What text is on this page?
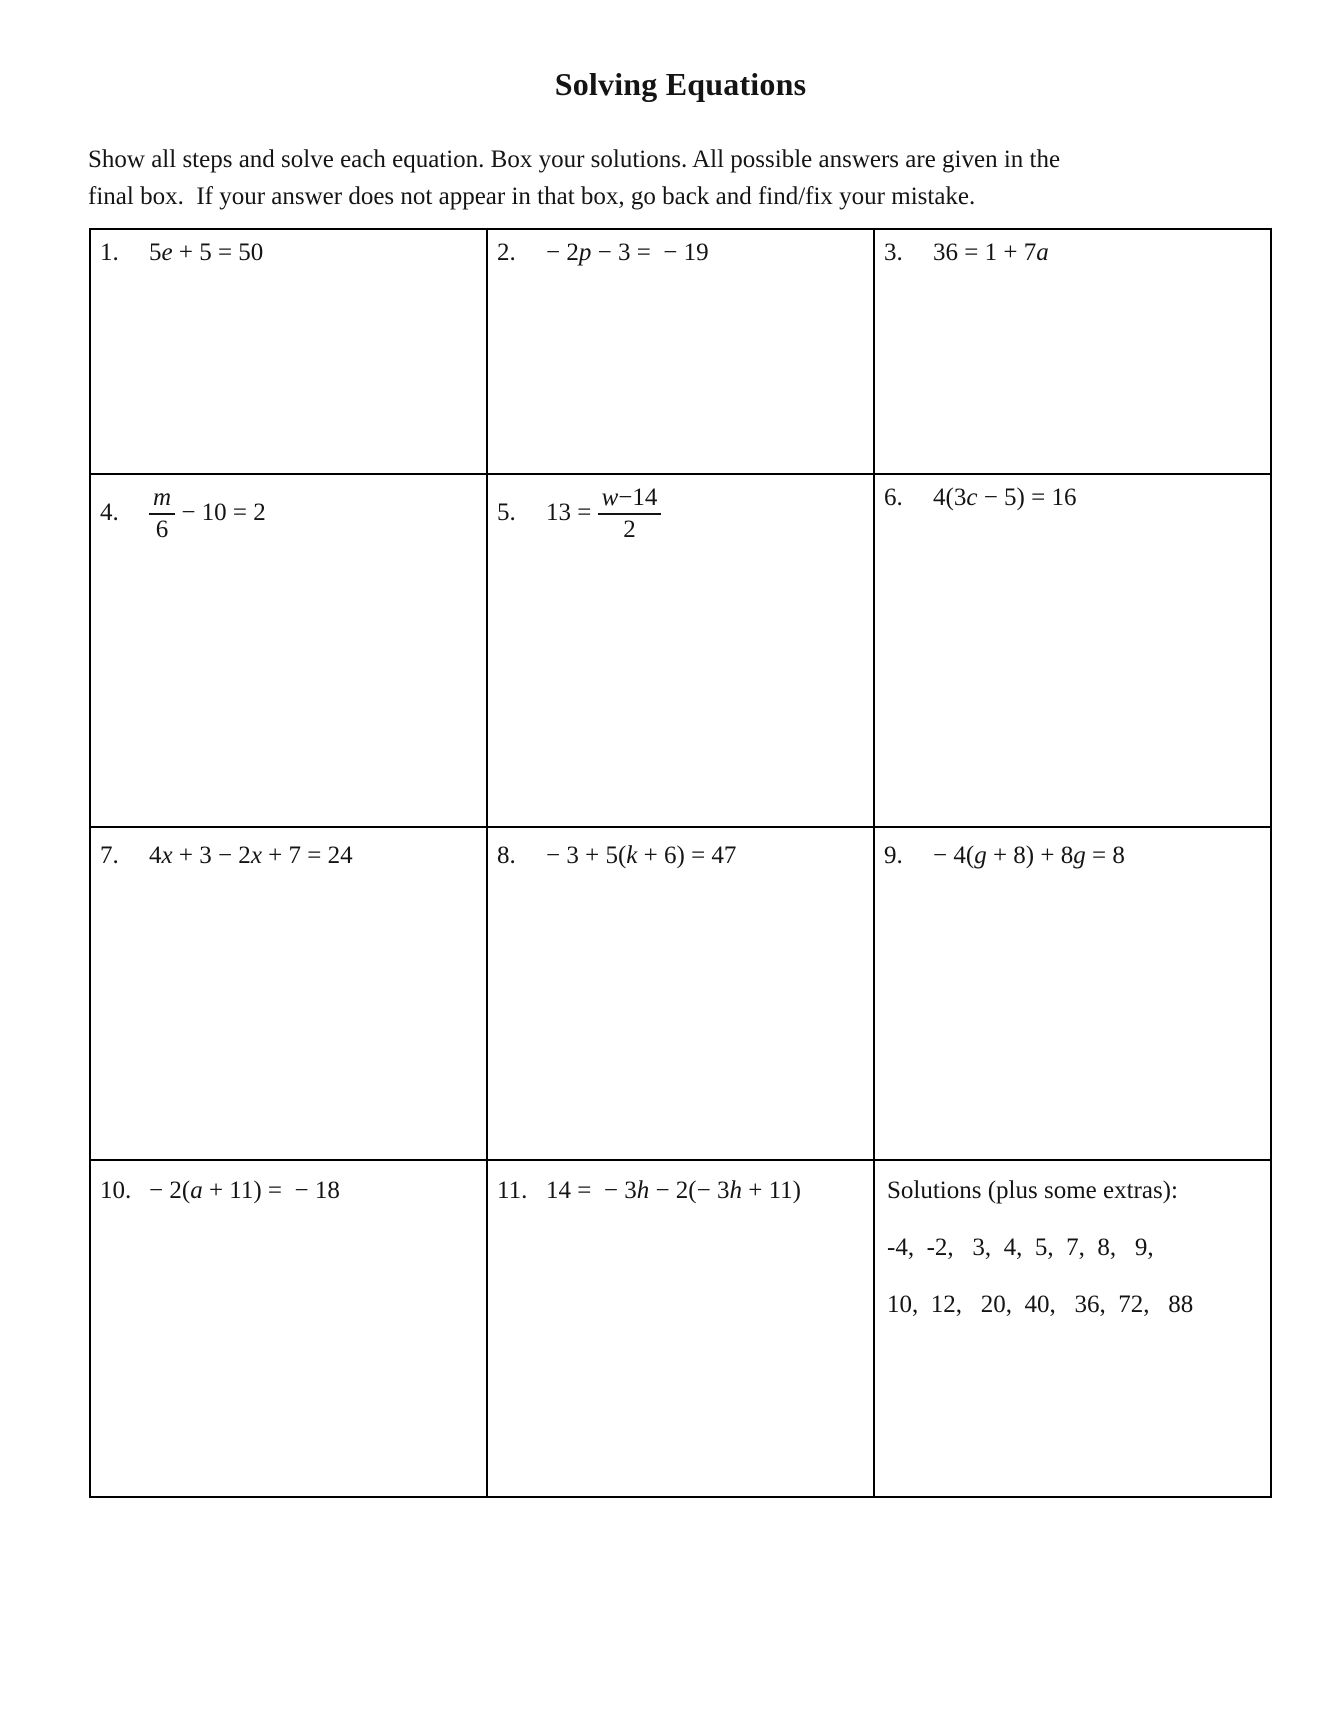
Solving Equations
Show all steps and solve each equation. Box your solutions. All possible answers are given in the
final box.  If your answer does not appear in that box, go back and find/fix your mistake.
1. 5e + 5 = 50	2. − 2p − 3 =  − 19	3. 36 = 1 + 7a
4. $\frac{m}{6} - 10 = 2$	5. $13 = \frac{w-14}{2}$	6. 4(3c − 5) = 16
7. 4x + 3 − 2x + 7 = 24	8. − 3 + 5(k + 6) = 47	9. − 4(g + 8) + 8g = 8
10. − 2(a + 11) =  − 18	11. 14 =  − 3h − 2(− 3h + 11)	Solutions (plus some extras):
-4,  -2,   3,  4,  5,  7,  8,   9,
10,  12,   20,  40,   36,  72,   88
